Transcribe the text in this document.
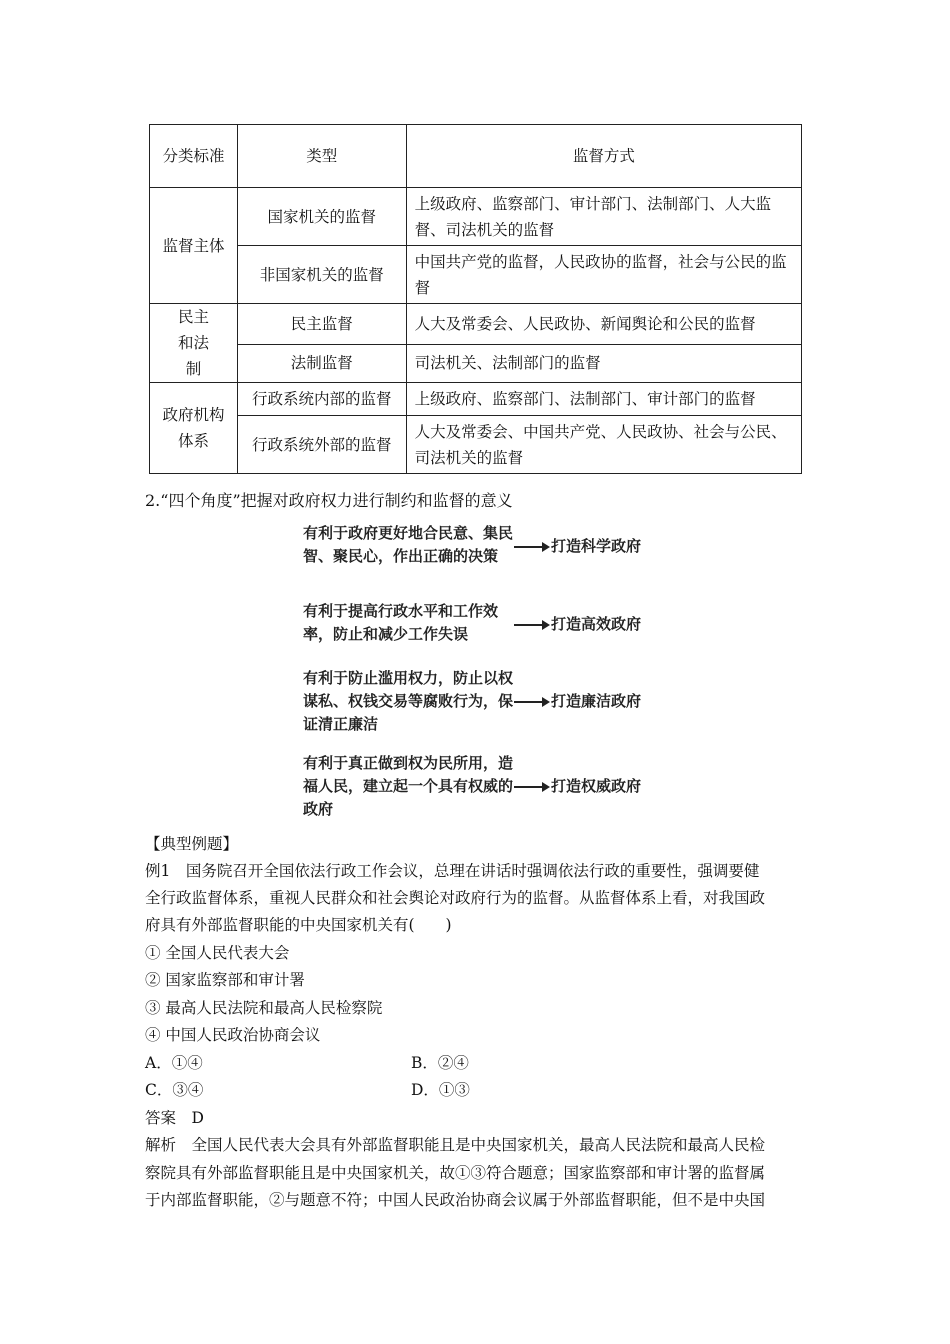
分类标准	类型	监督方式
监督主体	国家机关的监督	上级政府、监察部门、审计部门、法制部门、人大监督、司法机关的监督
	非国家机关的监督	中国共产党的监督，人民政协的监督，社会与公民的监督
民主和法制	民主监督	人大及常委会、人民政协、新闻舆论和公民的监督
	法制监督	司法机关、法制部门的监督
政府机构体系	行政系统内部的监督	上级政府、监察部门、法制部门、审计部门的监督
	行政系统外部的监督	人大及常委会、中国共产党、人民政协、社会与公民、司法机关的监督
2.“四个角度”把握对政府权力进行制约和监督的意义
有利于政府更好地合民意、集民智、聚民心，作出正确的决策
打造科学政府
有利于提高行政水平和工作效率，防止和减少工作失误
打造高效政府
有利于防止滥用权力，防止以权谋私、权钱交易等腐败行为，保证清正廉洁
打造廉洁政府
有利于真正做到权为民所用，造福人民，建立起一个具有权威的政府
打造权威政府
【典型例题】
例1　国务院召开全国依法行政工作会议，总理在讲话时强调依法行政的重要性，强调要健
全行政监督体系，重视人民群众和社会舆论对政府行为的监督。从监督体系上看，对我国政
府具有外部监督职能的中央国家机关有(　　)
① 全国人民代表大会
② 国家监察部和审计署
③ 最高人民法院和最高人民检察院
④ 中国人民政治协商会议
A．①④	B．②④
C．③④	D．①③
答案　D
解析　全国人民代表大会具有外部监督职能且是中央国家机关，最高人民法院和最高人民检
察院具有外部监督职能且是中央国家机关，故①③符合题意；国家监察部和审计署的监督属
于内部监督职能，②与题意不符；中国人民政治协商会议属于外部监督职能，但不是中央国
